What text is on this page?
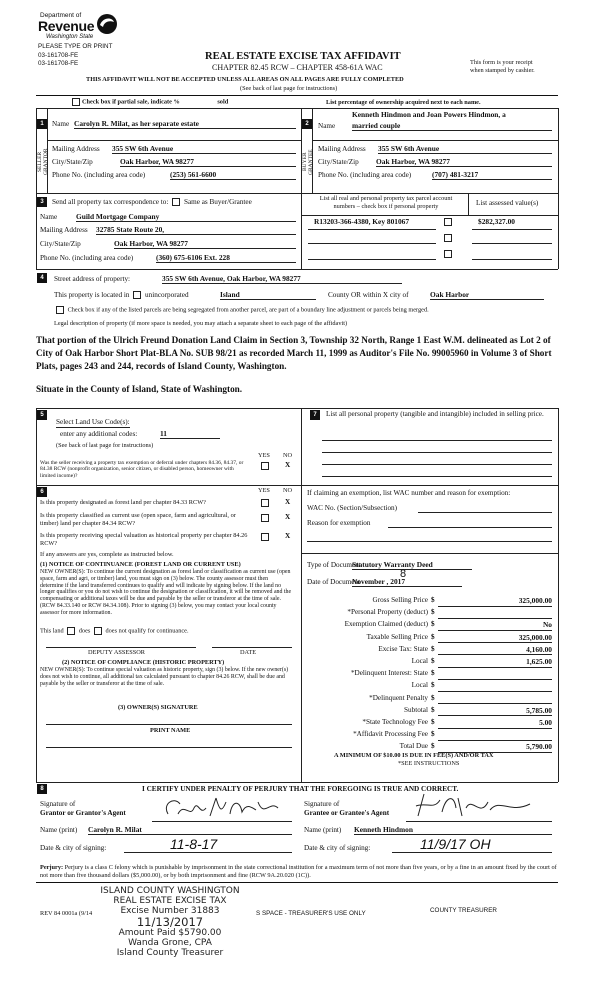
Department of
Revenue
Washington State
PLEASE TYPE OR PRINT
03-161708-FE
03-161708-FE
REAL ESTATE EXCISE TAX AFFIDAVIT
CHAPTER 82.45 RCW – CHAPTER 458-61A WAC
This form is your receipt
when stamped by cashier.
THIS AFFIDAVIT WILL NOT BE ACCEPTED UNLESS ALL AREAS ON ALL PAGES ARE FULLY COMPLETED
(See back of last page for instructions)
Check box if partial sale, indicate %	sold	List percentage of ownership acquired next to each name.
1
SELLER GRANTOR
Name Carolyn R. Milat, as her separate estate
Mailing Address 355 SW 6th Avenue
City/State/Zip	Oak Harbor, WA 98277
Phone No. (including area code)	(253) 561-6600
2
BUYER GRANTEE
Kenneth Hindmon and Joan Powers Hindmon, a
Name married couple
Mailing Address 355 SW 6th Avenue
City/State/Zip Oak Harbor, WA 98277
Phone No. (including area code)	(707) 481-3217
3	Send all property tax correspondence to: Same as Buyer/Grantee
Name	Guild Mortgage Company
Mailing Address 32785 State Route 20,
City/State/Zip	Oak Harbor, WA 98277
Phone No. (including area code)	(360) 675-6106 Ext. 228
List all real and personal property tax parcel account
numbers – check box if personal property	List assessed value(s)
R13203-366-4380, Key 801067	$282,327.00
4	Street address of property:	355 SW 6th Avenue, Oak Harbor, WA 98277
This property is located in unincorporated	Island	County OR within X city of	Oak Harbor
Check box if any of the listed parcels are being segregated from another parcel, are part of a boundary line adjustment or parcels being merged.
Legal description of property (if more space is needed, you may attach a separate sheet to each page of the affidavit)
That portion of the Ulrich Freund Donation Land Claim in Section 3, Township 32 North, Range 1 East W.M. delineated as Lot 2 of City of Oak Harbor Short Plat-BLA No. SUB 98/21 as recorded March 11, 1999 as Auditor's File No. 99005960 in Volume 3 of Short Plats, pages 243 and 244, records of Island County, Washington.
Situate in the County of Island, State of Washington.
5
Select Land Use Code(s):
enter any additional codes:	11
(See back of last page for instructions)
YES NO
Was the seller receiving a property tax exemption or deferral under chapters 84.36, 84.37, or 84.38 RCW (nonprofit organization, senior citizen, or disabled person, homeowner with limited income)?
X
6	YES NO
Is this property designated as forest land per chapter 84.33 RCW?	X
Is this property classified as current use (open space, farm and agricultural, or timber) land per chapter 84.34 RCW?
X
Is this property receiving special valuation as historical property per chapter 84.26 RCW?
X
If any answers are yes, complete as instructed below.
(1) NOTICE OF CONTINUANCE (FOREST LAND OR CURRENT USE)
NEW OWNER(S): To continue the current designation as forest land or classification as current use (open space, farm and agri, or timber) land, you must sign on (3) below. The county assessor must then determine if the land transferred continues to qualify and will indicate by signing below. If the land no longer qualifies or you do not wish to continue the designation or classification, it will be removed and the compensating or additional taxes will be due and payable by the seller or transferor at the time of sale. (RCW 84.33.140 or RCW 84.34.108). Prior to signing (3) below, you may contact your local county assessor for more information.
This land does does not qualify for continuance.
DEPUTY ASSESSOR	DATE
(2) NOTICE OF COMPLIANCE (HISTORIC PROPERTY)
NEW OWNER(S): To continue special valuation as historic property, sign (3) below. If the new owner(s) does not wish to continue, all additional tax calculated pursuant to chapter 84.26 RCW, shall be due and payable by the seller or transferor at the time of sale.
(3) OWNER(S) SIGNATURE
PRINT NAME
7	List all personal property (tangible and intangible) included in selling price.
If claiming an exemption, list WAC number and reason for exemption:
WAC No. (Section/Subsection)
Reason for exemption
Type of Document
Statutory Warranty Deed
Date of Document
November , 2017
8
Gross Selling Price $	325,000.00
*Personal Property (deduct) $
Exemption Claimed (deduct) $	No
Taxable Selling Price $	325,000.00
Excise Tax: State $	4,160.00
Local $	1,625.00
*Delinquent Interest: State $
Local $
*Delinquent Penalty $
Subtotal $	5,785.00
*State Technology Fee $	5.00
*Affidavit Processing Fee $
Total Due $	5,790.00
A MINIMUM OF $10.00 IS DUE IN FEE(S) AND/OR TAX
*SEE INSTRUCTIONS
8	I CERTIFY UNDER PENALTY OF PERJURY THAT THE FOREGOING IS TRUE AND CORRECT.
Signature of
Grantor or Grantor's Agent
Signature of
Grantee or Grantee's Agent
Name (print) Carolyn R. Milat	Name (print) Kenneth Hindmon
Date & city of signing:	11-8-17	Date & city of signing:	11/9/17 OH
Perjury: Perjury is a class C felony which is punishable by imprisonment in the state correctional institution for a maximum term of not more than five years, or by a fine in an amount fixed by the court of not more than five thousand dollars ($5,000.00), or by both imprisonment and fine (RCW 9A.20.020 (1C)).
REV 84 0001a (9/14	S SPACE - TREASURER'S USE ONLY	COUNTY TREASURER
ISLAND COUNTY WASHINGTON
REAL ESTATE EXCISE TAX
Excise Number 31883
11/13/2017
Amount Paid $5790.00
Wanda Grone, CPA
Island County Treasurer
